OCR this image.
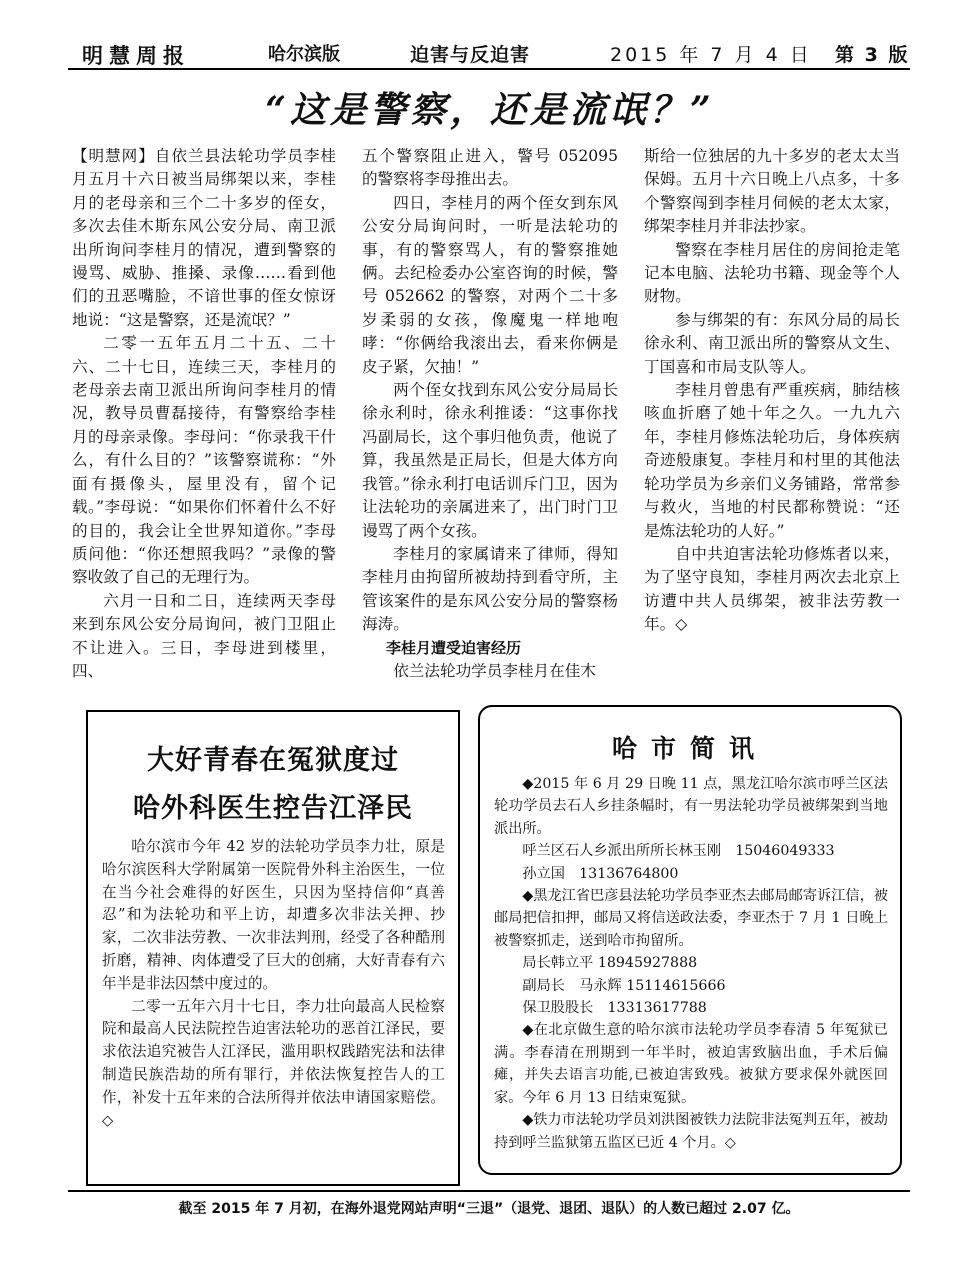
明慧周报	哈尔滨版	迫害与反迫害	2015 年 7 月 4 日 第 3 版
“这是警察，还是流氓？”

【明慧网】自依兰县法轮功学员李桂月五月十六日被当局绑架以来，李桂月的老母亲和三个二十多岁的侄女，多次去佳木斯东风公安分局、南卫派出所询问李桂月的情况，遭到警察的谩骂、威胁、推搡、录像……看到他们的丑恶嘴脸，不谙世事的侄女惊讶地说：“这是警察，还是流氓？”

二零一五年五月二十五、二十六、二十七日，连续三天，李桂月的老母亲去南卫派出所询问李桂月的情况，教导员曹磊接待，有警察给李桂月的母亲录像。李母问：“你录我干什么，有什么目的？”该警察谎称：“外面有摄像头，屋里没有，留个记载。”李母说：“如果你们怀着什么不好的目的，我会让全世界知道你。”李母质问他：“你还想照我吗？”录像的警察收敛了自己的无理行为。

六月一日和二日，连续两天李母来到东风公安分局询问，被门卫阻止不让进入。三日，李母进到楼里，四、

五个警察阻止进入，警号 052095 的警察将李母推出去。

四日，李桂月的两个侄女到东风公安分局询问时，一听是法轮功的事，有的警察骂人，有的警察推她俩。去纪检委办公室咨询的时候，警号 052662 的警察，对两个二十多岁柔弱的女孩，像魔鬼一样地咆哮：“你俩给我滚出去，看来你俩是皮子紧，欠抽！”

两个侄女找到东风公安分局局长徐永利时，徐永利推诿：“这事你找冯副局长，这个事归他负责，他说了算，我虽然是正局长，但是大体方向我管。”徐永利打电话训斥门卫，因为让法轮功的亲属进来了，出门时门卫谩骂了两个女孩。

李桂月的家属请来了律师，得知李桂月由拘留所被劫持到看守所，主管该案件的是东风公安分局的警察杨海涛。

李桂月遭受迫害经历

依兰法轮功学员李桂月在佳木

斯给一位独居的九十多岁的老太太当保姆。五月十六日晚上八点多，十多个警察闯到李桂月伺候的老太太家，绑架李桂月并非法抄家。

警察在李桂月居住的房间抢走笔记本电脑、法轮功书籍、现金等个人财物。

参与绑架的有：东风分局的局长徐永利、南卫派出所的警察从文生、丁国喜和市局支队等人。

李桂月曾患有严重疾病，肺结核咳血折磨了她十年之久。一九九六年，李桂月修炼法轮功后，身体疾病奇迹般康复。李桂月和村里的其他法轮功学员为乡亲们义务铺路，常常参与救火，当地的村民都称赞说：“还是炼法轮功的人好。”

自中共迫害法轮功修炼者以来，为了坚守良知，李桂月两次去北京上访遭中共人员绑架，被非法劳教一年。◇

大好青春在冤狱度过
哈外科医生控告江泽民

哈尔滨市今年 42 岁的法轮功学员李力壮，原是哈尔滨医科大学附属第一医院骨外科主治医生，一位在当今社会难得的好医生，只因为坚持信仰“真善忍”和为法轮功和平上访，却遭多次非法关押、抄家，二次非法劳教、一次非法判刑，经受了各种酷刑折磨，精神、肉体遭受了巨大的创痛，大好青春有六年半是非法囚禁中度过的。

二零一五年六月十七日，李力壮向最高人民检察院和最高人民法院控告迫害法轮功的恶首江泽民，要求依法追究被告人江泽民，滥用职权践踏宪法和法律制造民族浩劫的所有罪行，并依法恢复控告人的工作，补发十五年来的合法所得并依法申请国家赔偿。◇

哈市简讯

◆2015 年 6 月 29 日晚 11 点，黑龙江哈尔滨市呼兰区法轮功学员去石人乡挂条幅时，有一男法轮功学员被绑架到当地派出所。

呼兰区石人乡派出所所长林玉刚　15046049333

孙立国　13136764800

◆黑龙江省巴彦县法轮功学员李亚杰去邮局邮寄诉江信，被邮局把信扣押，邮局又将信送政法委，李亚杰于 7 月 1 日晚上被警察抓走，送到哈市拘留所。

局长韩立平 18945927888

副局长　马永辉 15114615666

保卫股股长　13313617788

◆在北京做生意的哈尔滨市法轮功学员李春清 5 年冤狱已满。李春清在刑期到一年半时，被迫害致脑出血，手术后偏瘫，并失去语言功能,已被迫害致残。被狱方要求保外就医回家。今年 6 月 13 日结束冤狱。

◆铁力市法轮功学员刘洪图被铁力法院非法冤判五年，被劫持到呼兰监狱第五监区已近 4 个月。◇

截至 2015 年 7 月初，在海外退党网站声明“三退”（退党、退团、退队）的人数已超过 2.07 亿。
